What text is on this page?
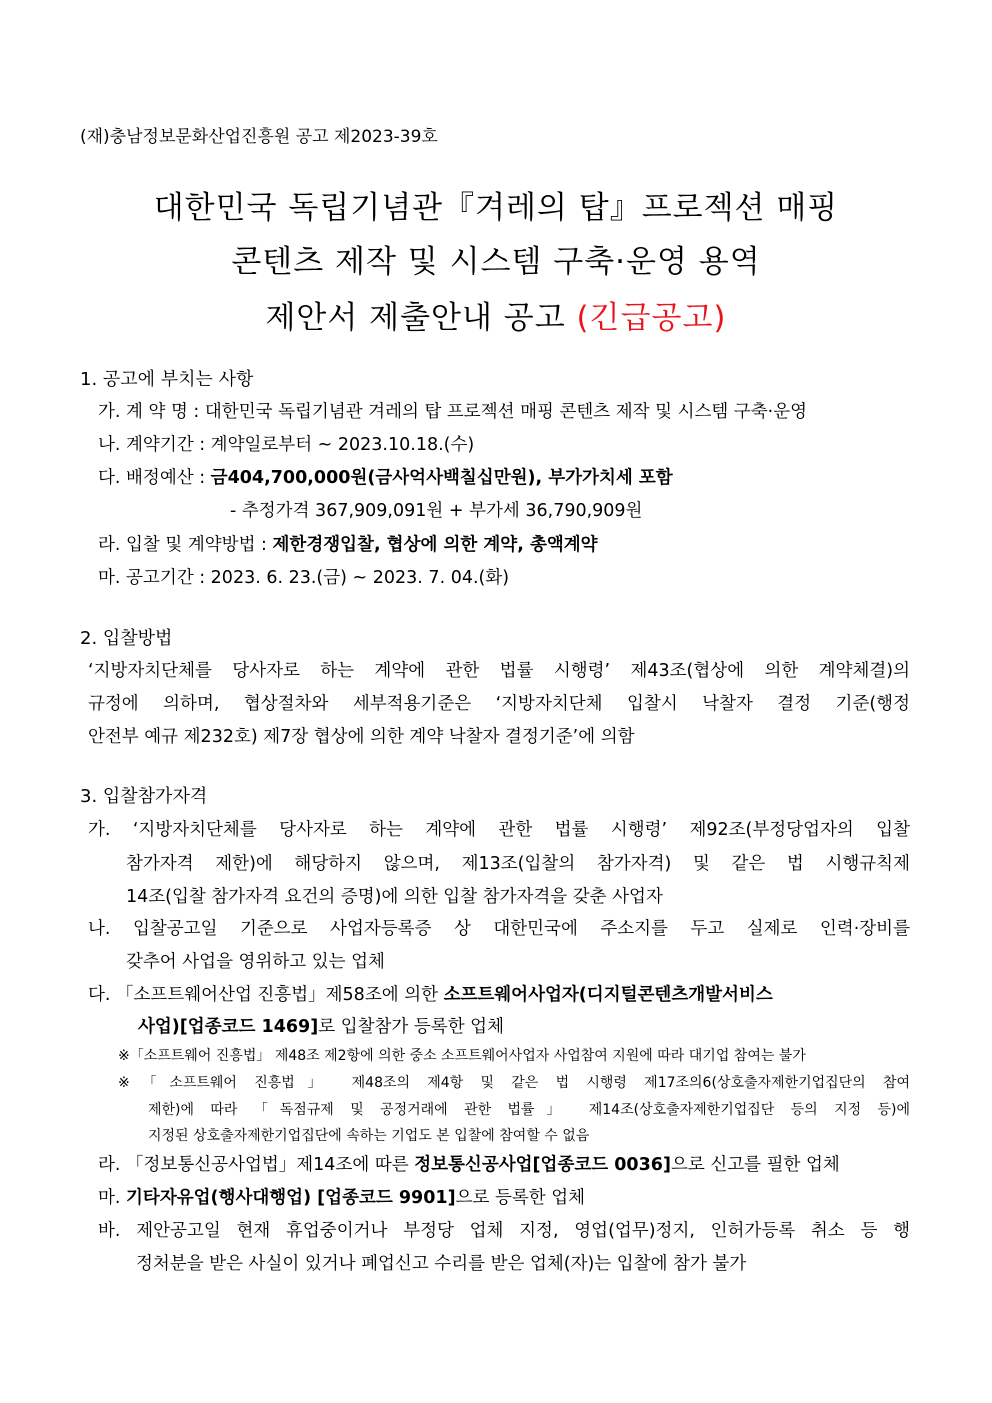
(재)충남정보문화산업진흥원 공고 제2023-39호
대한민국 독립기념관『겨레의 탑』프로젝션 매핑
콘텐츠 제작 및 시스템 구축·운영 용역
제안서 제출안내 공고 (긴급공고)
1. 공고에 부치는 사항
가. 계 약 명 : 대한민국 독립기념관 겨레의 탑 프로젝션 매핑 콘텐츠 제작 및 시스템 구축·운영
나. 계약기간 : 계약일로부터 ~ 2023.10.18.(수)
다. 배정예산 : 금404,700,000원(금사억사백칠십만원), 부가가치세 포함
- 추정가격 367,909,091원 + 부가세 36,790,909원
라. 입찰 및 계약방법 : 제한경쟁입찰, 협상에 의한 계약, 총액계약
마. 공고기간 : 2023. 6. 23.(금) ~ 2023. 7. 04.(화)
2. 입찰방법
‘지방자치단체를 당사자로 하는 계약에 관한 법률 시행령’ 제43조(협상에 의한 계약체결)의
규정에 의하며, 협상절차와 세부적용기준은 ‘지방자치단체 입찰시 낙찰자 결정 기준(행정
안전부 예규 제232호) 제7장 협상에 의한 계약 낙찰자 결정기준’에 의함
3. 입찰참가자격
가. ‘지방자치단체를 당사자로 하는 계약에 관한 법률 시행령’ 제92조(부정당업자의 입찰
참가자격 제한)에 해당하지 않으며, 제13조(입찰의 참가자격) 및 같은 법 시행규칙제
14조(입찰 참가자격 요건의 증명)에 의한 입찰 참가자격을 갖춘 사업자
나. 입찰공고일 기준으로 사업자등록증 상 대한민국에 주소지를 두고 실제로 인력·장비를
갖추어 사업을 영위하고 있는 업체
다. 「소프트웨어산업 진흥법」제58조에 의한 소프트웨어사업자(디지털콘텐츠개발서비스
사업)[업종코드 1469]로 입찰참가 등록한 업체
※「소프트웨어 진흥법」 제48조 제2항에 의한 중소 소프트웨어사업자 사업참여 지원에 따라 대기업 참여는 불가
※「소프트웨어 진흥법」 제48조의 제4항 및 같은 법 시행령 제17조의6(상호출자제한기업집단의 참여
제한)에 따라 「독점규제 및 공정거래에 관한 법률」 제14조(상호출자제한기업집단 등의 지정 등)에
지정된 상호출자제한기업집단에 속하는 기업도 본 입찰에 참여할 수 없음
라. 「정보통신공사업법」제14조에 따른 정보통신공사업[업종코드 0036]으로 신고를 필한 업체
마. 기타자유업(행사대행업) [업종코드 9901]으로 등록한 업체
바. 제안공고일 현재 휴업중이거나 부정당 업체 지정, 영업(업무)정지, 인허가등록 취소 등 행
정처분을 받은 사실이 있거나 폐업신고 수리를 받은 업체(자)는 입찰에 참가 불가
